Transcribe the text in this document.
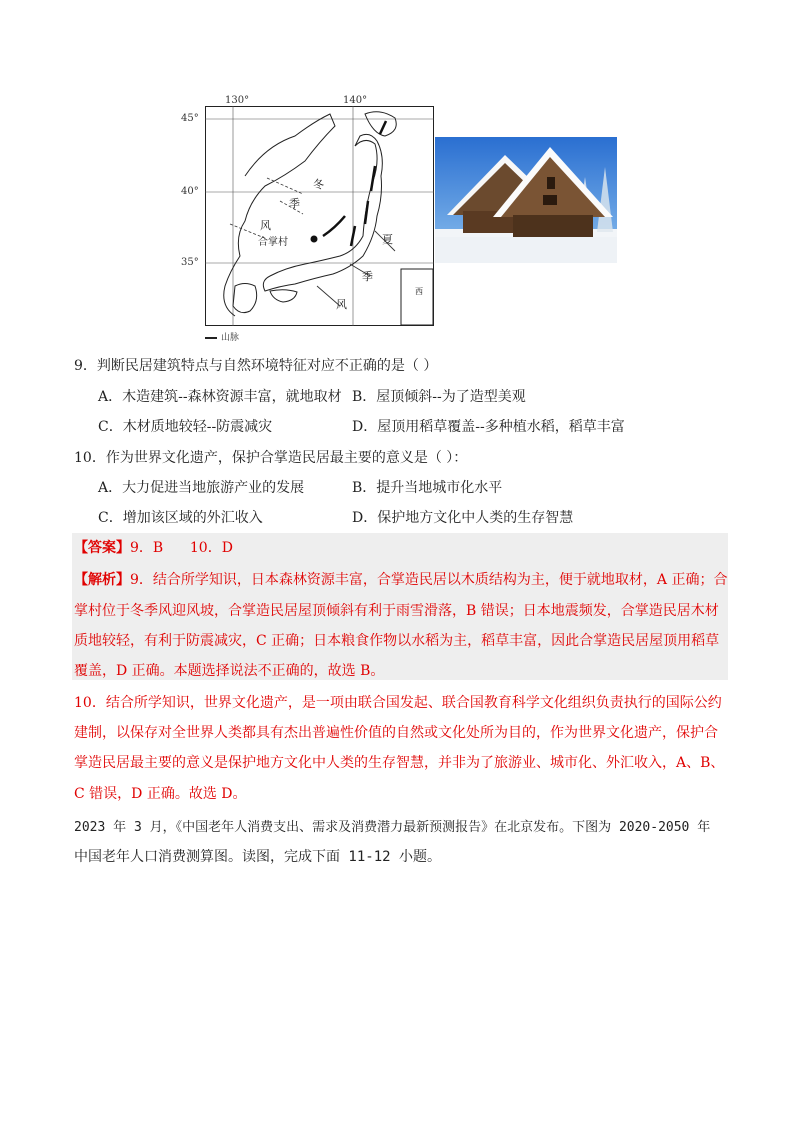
130°	140°
45°
40°
35°
冬
季
风
夏
季
风
合掌村
西
山脉
9．判断民居建筑特点与自然环境特征对应不正确的是（ ）
A．木造建筑--森林资源丰富，就地取材 B．屋顶倾斜--为了造型美观
C．木材质地较轻--防震减灾	D．屋顶用稻草覆盖--多种植水稻，稻草丰富
10．作为世界文化遗产，保护合掌造民居最主要的意义是（ ）：
A．大力促进当地旅游产业的发展	B．提升当地城市化水平
C．增加该区域的外汇收入	D．保护地方文化中人类的生存智慧
【答案】9．B      10．D
【解析】9．结合所学知识，日本森林资源丰富，合掌造民居以木质结构为主，便于就地取材，A 正确；合
掌村位于冬季风迎风坡，合掌造民居屋顶倾斜有利于雨雪滑落，B 错误；日本地震频发，合掌造民居木材
质地较轻，有利于防震减灾，C 正确；日本粮食作物以水稻为主，稻草丰富，因此合掌造民居屋顶用稻草
覆盖，D 正确。本题选择说法不正确的，故选 B。
10．结合所学知识，世界文化遗产，是一项由联合国发起、联合国教育科学文化组织负责执行的国际公约
建制，以保存对全世界人类都具有杰出普遍性价值的自然或文化处所为目的，作为世界文化遗产，保护合
掌造民居最主要的意义是保护地方文化中人类的生存智慧，并非为了旅游业、城市化、外汇收入，A、B、
C 错误，D 正确。故选 D。
2023 年 3 月，《中国老年人消费支出、需求及消费潜力最新预测报告》在北京发布。下图为 2020-2050 年
中国老年人口消费测算图。读图，完成下面 11-12 小题。
